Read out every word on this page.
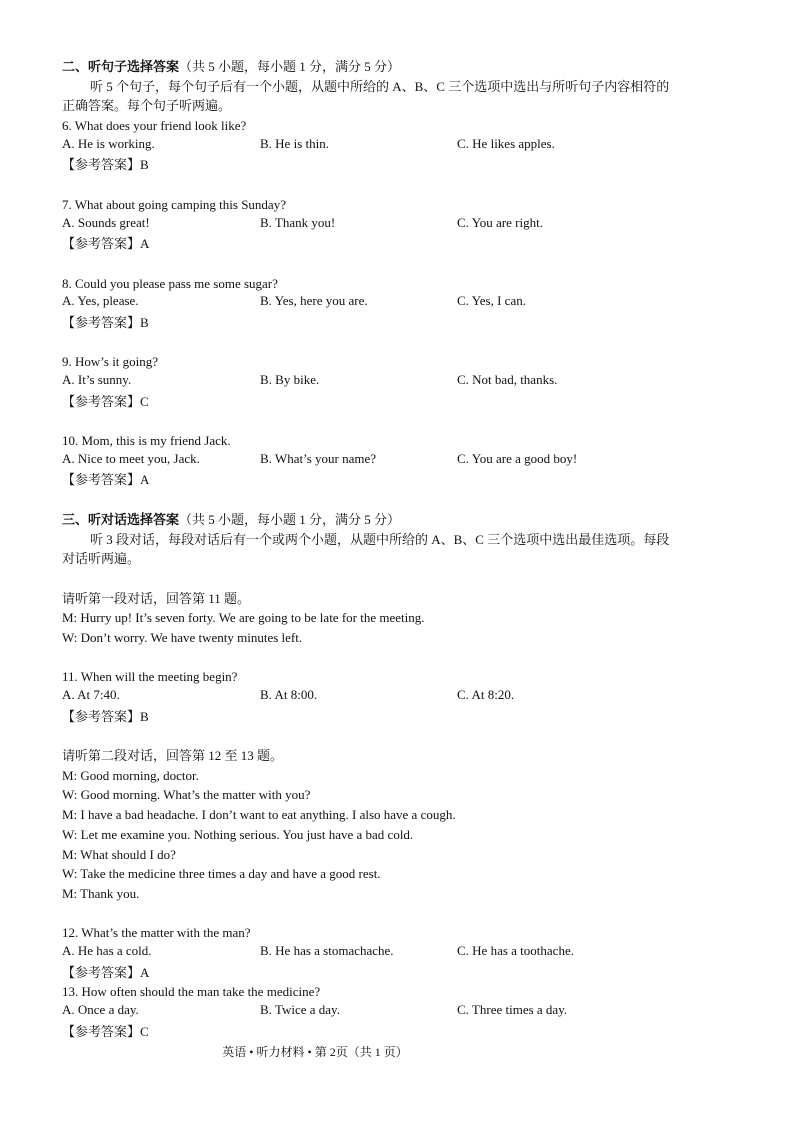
二、听句子选择答案（共 5 小题，每小题 1 分，满分 5 分）
听 5 个句子，每个句子后有一个小题，从题中所给的 A、B、C 三个选项中选出与所听句子内容相符的
正确答案。每个句子听两遍。
6. What does your friend look like?
A. He is working.	B. He is thin.	C. He likes apples.
【参考答案】B
7. What about going camping this Sunday?
A. Sounds great!	B. Thank you!	C. You are right.
【参考答案】A
8. Could you please pass me some sugar?
A. Yes, please.	B. Yes, here you are.	C. Yes, I can.
【参考答案】B
9. How’s it going?
A. It’s sunny.	B. By bike.	C. Not bad, thanks.
【参考答案】C
10. Mom, this is my friend Jack.
A. Nice to meet you, Jack.	B. What’s your name?	C. You are a good boy!
【参考答案】A
三、听对话选择答案（共 5 小题，每小题 1 分，满分 5 分）
听 3 段对话，每段对话后有一个或两个小题，从题中所给的 A、B、C 三个选项中选出最佳选项。每段
对话听两遍。
请听第一段对话，回答第 11 题。
M: Hurry up! It’s seven forty. We are going to be late for the meeting.
W: Don’t worry. We have twenty minutes left.
11. When will the meeting begin?
A. At 7:40.	B. At 8:00.	C. At 8:20.
【参考答案】B
请听第二段对话，回答第 12 至 13 题。
M: Good morning, doctor.
W: Good morning. What’s the matter with you?
M: I have a bad headache. I don’t want to eat anything. I also have a cough.
W: Let me examine you. Nothing serious. You just have a bad cold.
M: What should I do?
W: Take the medicine three times a day and have a good rest.
M: Thank you.
12. What’s the matter with the man?
A. He has a cold.	B. He has a stomachache.	C. He has a toothache.
【参考答案】A
13. How often should the man take the medicine?
A. Once a day.	B. Twice a day.	C. Three times a day.
【参考答案】C
英语 • 听力材料 • 第 2页（共 1 页）
